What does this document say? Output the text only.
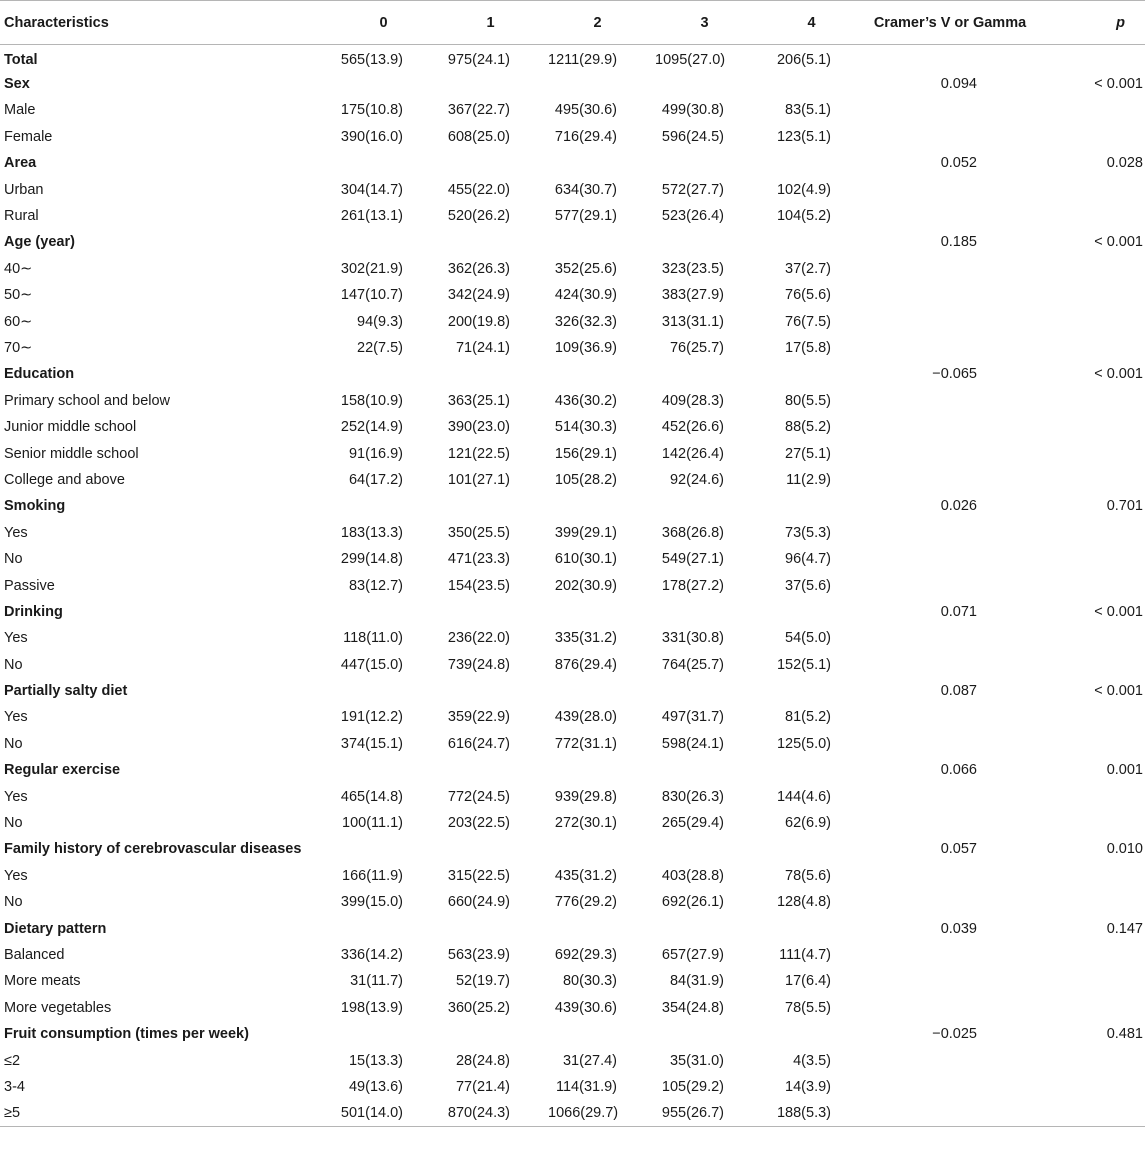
Characteristics	0	1	2	3	4	Cramer’s V or Gamma	p
Total	565(13.9)	975(24.1)	1211(29.9)	1095(27.0)	206(5.1)		
Sex						0.094	< 0.001
Male	175(10.8)	367(22.7)	495(30.6)	499(30.8)	83(5.1)		
Female	390(16.0)	608(25.0)	716(29.4)	596(24.5)	123(5.1)		
Area						0.052	0.028
Urban	304(14.7)	455(22.0)	634(30.7)	572(27.7)	102(4.9)		
Rural	261(13.1)	520(26.2)	577(29.1)	523(26.4)	104(5.2)		
Age (year)						0.185	< 0.001
40∼	302(21.9)	362(26.3)	352(25.6)	323(23.5)	37(2.7)		
50∼	147(10.7)	342(24.9)	424(30.9)	383(27.9)	76(5.6)		
60∼	94(9.3)	200(19.8)	326(32.3)	313(31.1)	76(7.5)		
70∼	22(7.5)	71(24.1)	109(36.9)	76(25.7)	17(5.8)		
Education						−0.065	< 0.001
Primary school and below	158(10.9)	363(25.1)	436(30.2)	409(28.3)	80(5.5)		
Junior middle school	252(14.9)	390(23.0)	514(30.3)	452(26.6)	88(5.2)		
Senior middle school	91(16.9)	121(22.5)	156(29.1)	142(26.4)	27(5.1)		
College and above	64(17.2)	101(27.1)	105(28.2)	92(24.6)	11(2.9)		
Smoking						0.026	0.701
Yes	183(13.3)	350(25.5)	399(29.1)	368(26.8)	73(5.3)		
No	299(14.8)	471(23.3)	610(30.1)	549(27.1)	96(4.7)		
Passive	83(12.7)	154(23.5)	202(30.9)	178(27.2)	37(5.6)		
Drinking						0.071	< 0.001
Yes	118(11.0)	236(22.0)	335(31.2)	331(30.8)	54(5.0)		
No	447(15.0)	739(24.8)	876(29.4)	764(25.7)	152(5.1)		
Partially salty diet						0.087	< 0.001
Yes	191(12.2)	359(22.9)	439(28.0)	497(31.7)	81(5.2)		
No	374(15.1)	616(24.7)	772(31.1)	598(24.1)	125(5.0)		
Regular exercise						0.066	0.001
Yes	465(14.8)	772(24.5)	939(29.8)	830(26.3)	144(4.6)		
No	100(11.1)	203(22.5)	272(30.1)	265(29.4)	62(6.9)		
Family history of cerebrovascular diseases						0.057	0.010
Yes	166(11.9)	315(22.5)	435(31.2)	403(28.8)	78(5.6)		
No	399(15.0)	660(24.9)	776(29.2)	692(26.1)	128(4.8)		
Dietary pattern						0.039	0.147
Balanced	336(14.2)	563(23.9)	692(29.3)	657(27.9)	111(4.7)		
More meats	31(11.7)	52(19.7)	80(30.3)	84(31.9)	17(6.4)		
More vegetables	198(13.9)	360(25.2)	439(30.6)	354(24.8)	78(5.5)		
Fruit consumption (times per week)						−0.025	0.481
≤2	15(13.3)	28(24.8)	31(27.4)	35(31.0)	4(3.5)		
3-4	49(13.6)	77(21.4)	114(31.9)	105(29.2)	14(3.9)		
≥5	501(14.0)	870(24.3)	1066(29.7)	955(26.7)	188(5.3)		
